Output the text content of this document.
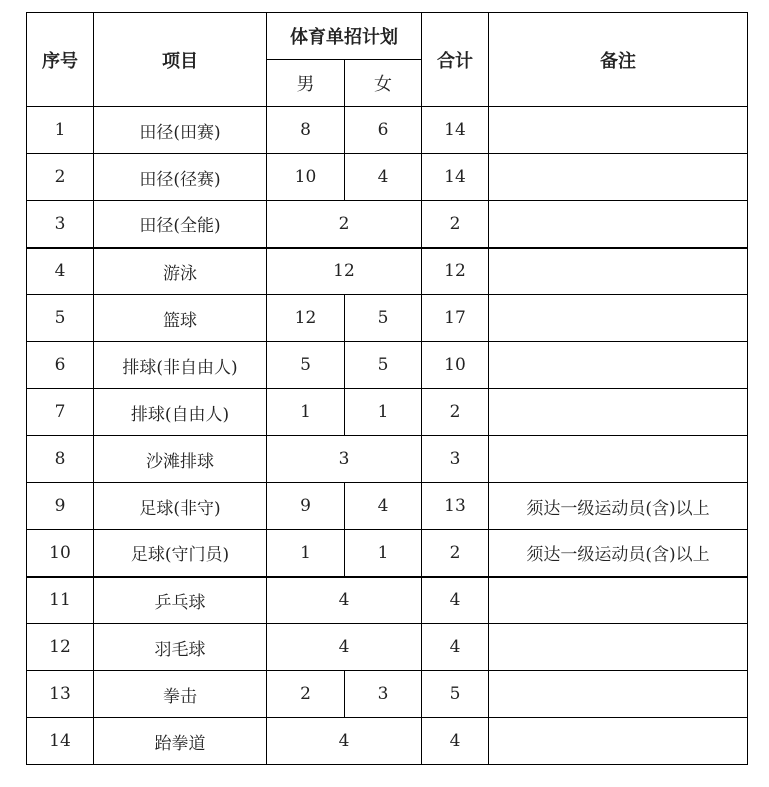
序号	项目	体育单招计划		合计	备注
		男	女		
1	田径(田赛)	8	6	14	
2	田径(径赛)	10	4	14	
3	田径(全能)	2		2	
4	游泳	12		12	
5	篮球	12	5	17	
6	排球(非自由人)	5	5	10	
7	排球(自由人)	1	1	2	
8	沙滩排球	3		3	
9	足球(非守)	9	4	13	须达一级运动员(含)以上
10	足球(守门员)	1	1	2	须达一级运动员(含)以上
11	乒乓球	4		4	
12	羽毛球	4		4	
13	拳击	2	3	5	
14	跆拳道	4		4	
